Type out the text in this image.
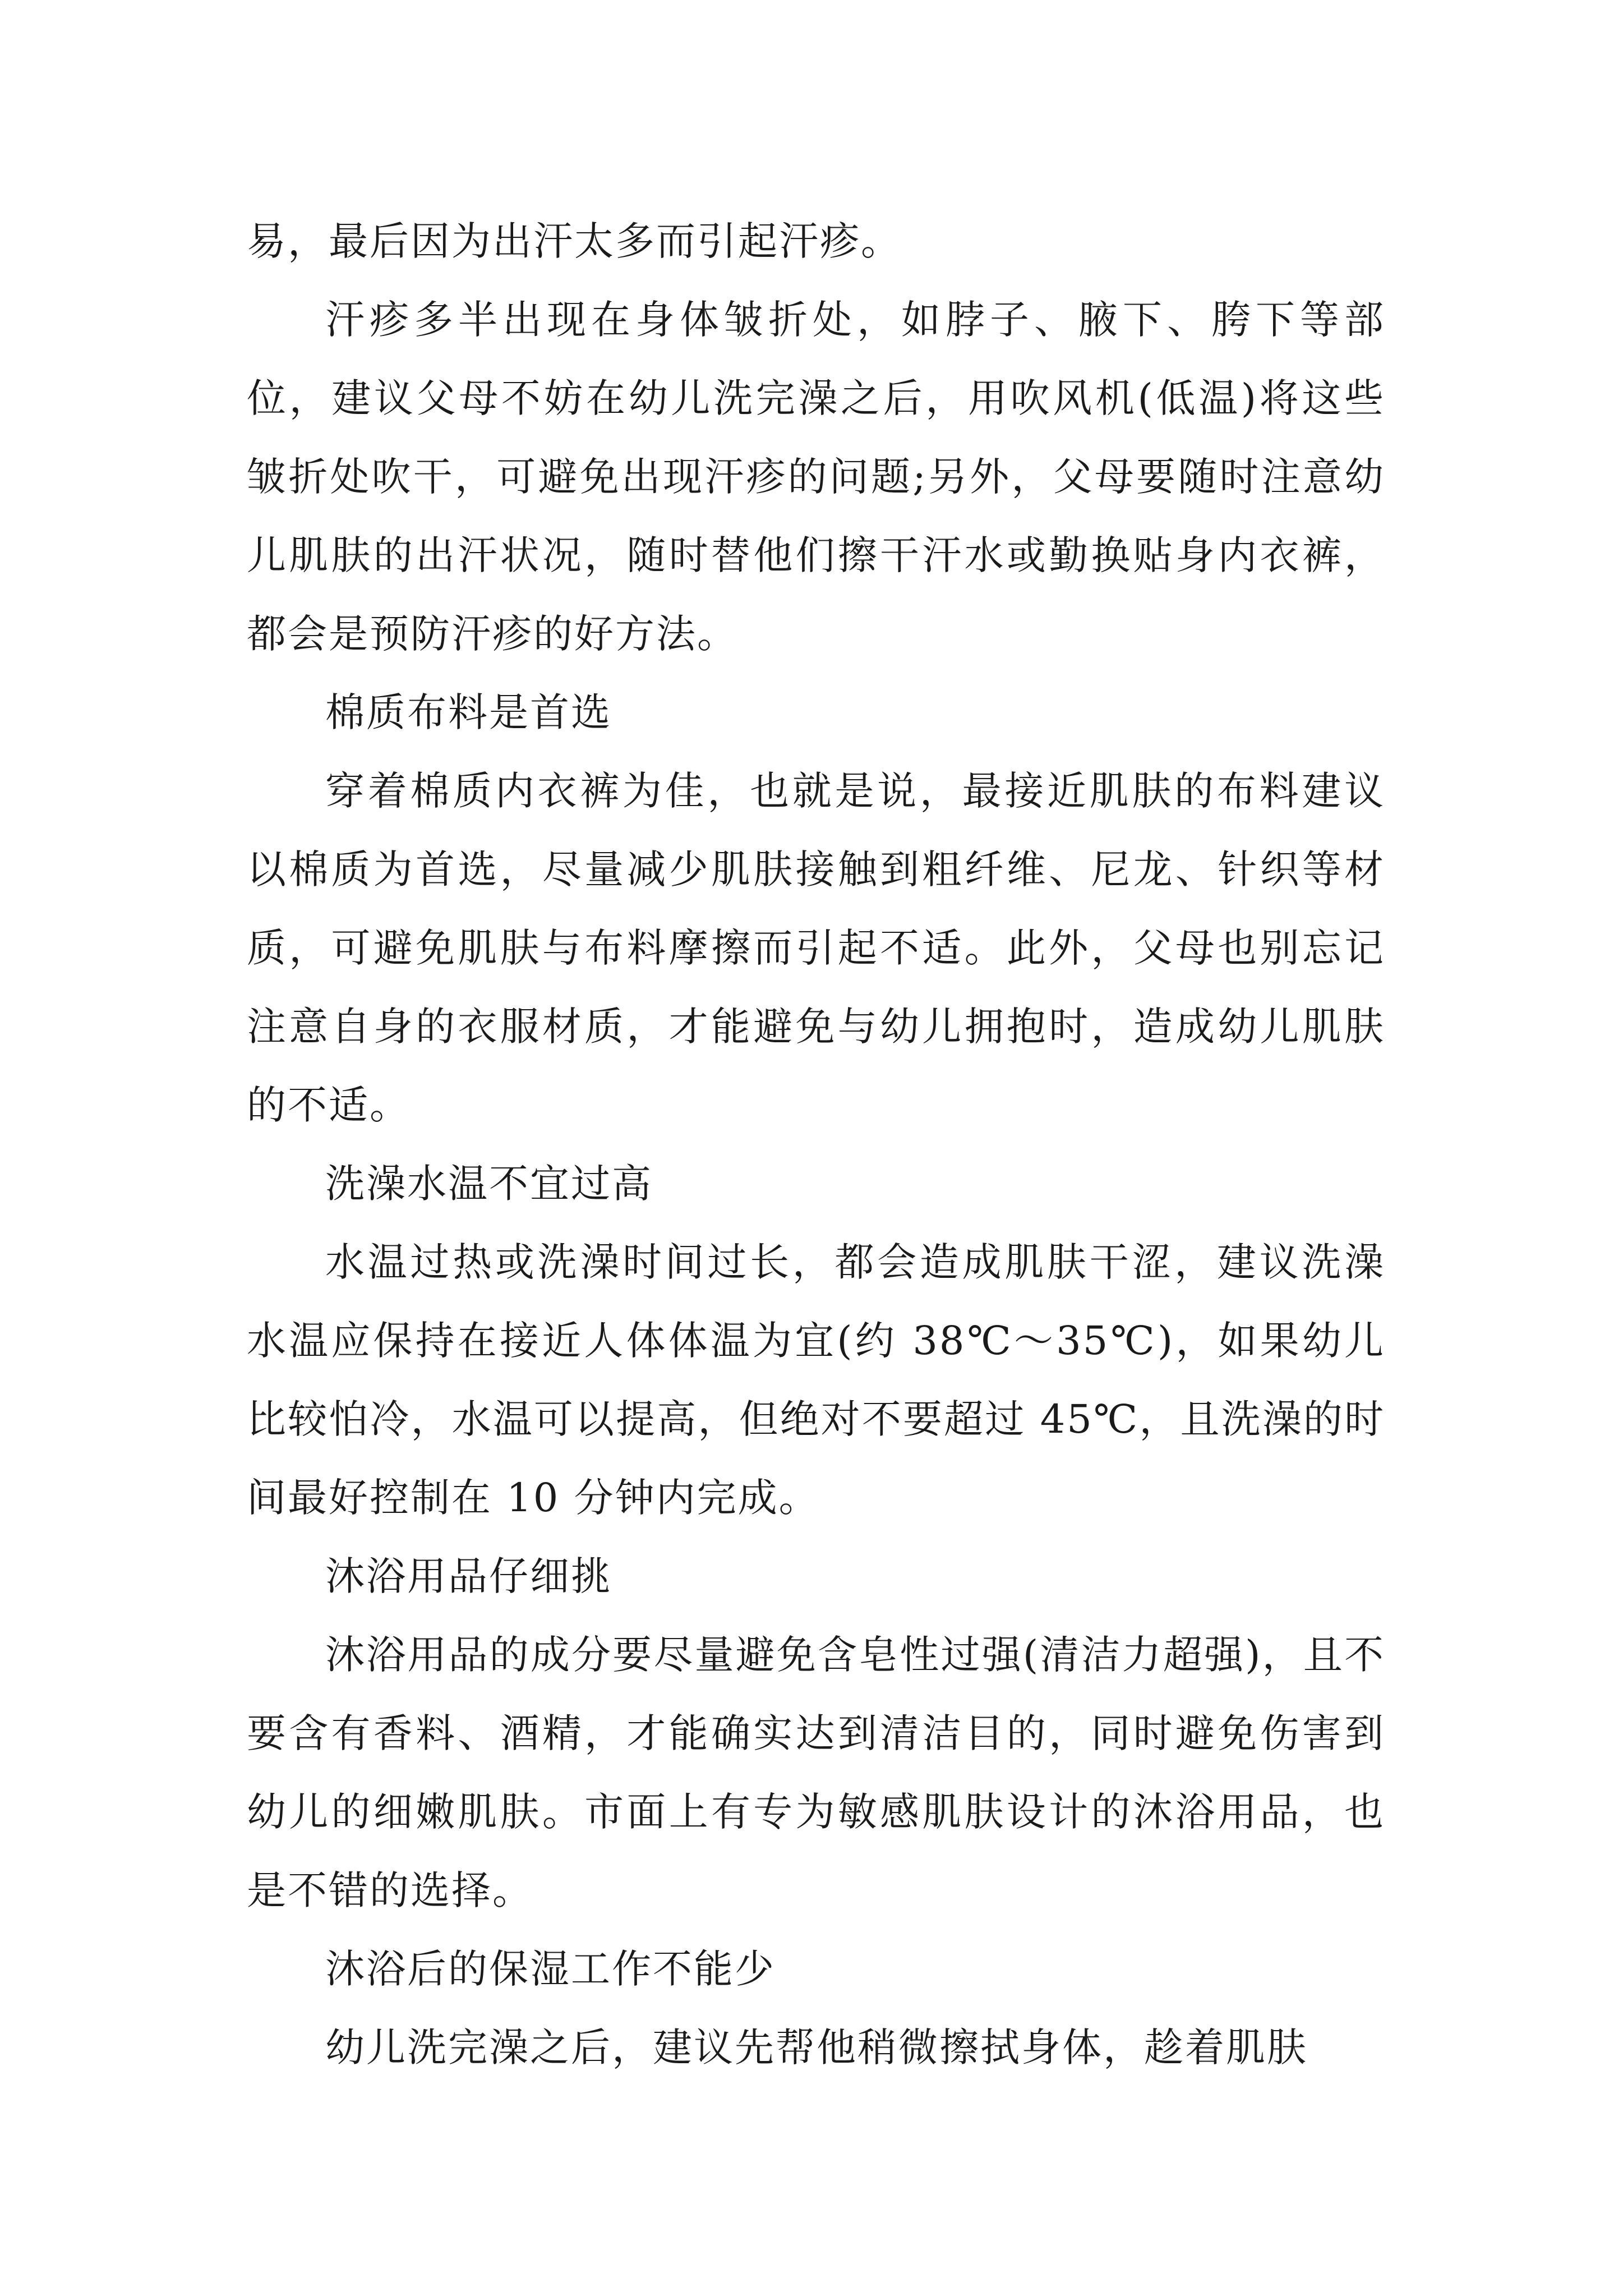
易，最后因为出汗太多而引起汗疹。

汗疹多半出现在身体皱折处，如脖子、腋下、胯下等部位，建议父母不妨在幼儿洗完澡之后，用吹风机(低温)将这些皱折处吹干，可避免出现汗疹的问题;另外，父母要随时注意幼儿肌肤的出汗状况，随时替他们擦干汗水或勤换贴身内衣裤，都会是预防汗疹的好方法。

棉质布料是首选

穿着棉质内衣裤为佳，也就是说，最接近肌肤的布料建议以棉质为首选，尽量减少肌肤接触到粗纤维、尼龙、针织等材质，可避免肌肤与布料摩擦而引起不适。此外，父母也别忘记注意自身的衣服材质，才能避免与幼儿拥抱时，造成幼儿肌肤的不适。

洗澡水温不宜过高

水温过热或洗澡时间过长，都会造成肌肤干涩，建议洗澡水温应保持在接近人体体温为宜(约 38℃～35℃)，如果幼儿比较怕冷，水温可以提高，但绝对不要超过 45℃，且洗澡的时间最好控制在 10 分钟内完成。

沐浴用品仔细挑

沐浴用品的成分要尽量避免含皂性过强(清洁力超强)，且不要含有香料、酒精，才能确实达到清洁目的，同时避免伤害到幼儿的细嫩肌肤。市面上有专为敏感肌肤设计的沐浴用品，也是不错的选择。

沐浴后的保湿工作不能少

幼儿洗完澡之后，建议先帮他稍微擦拭身体，趁着肌肤
